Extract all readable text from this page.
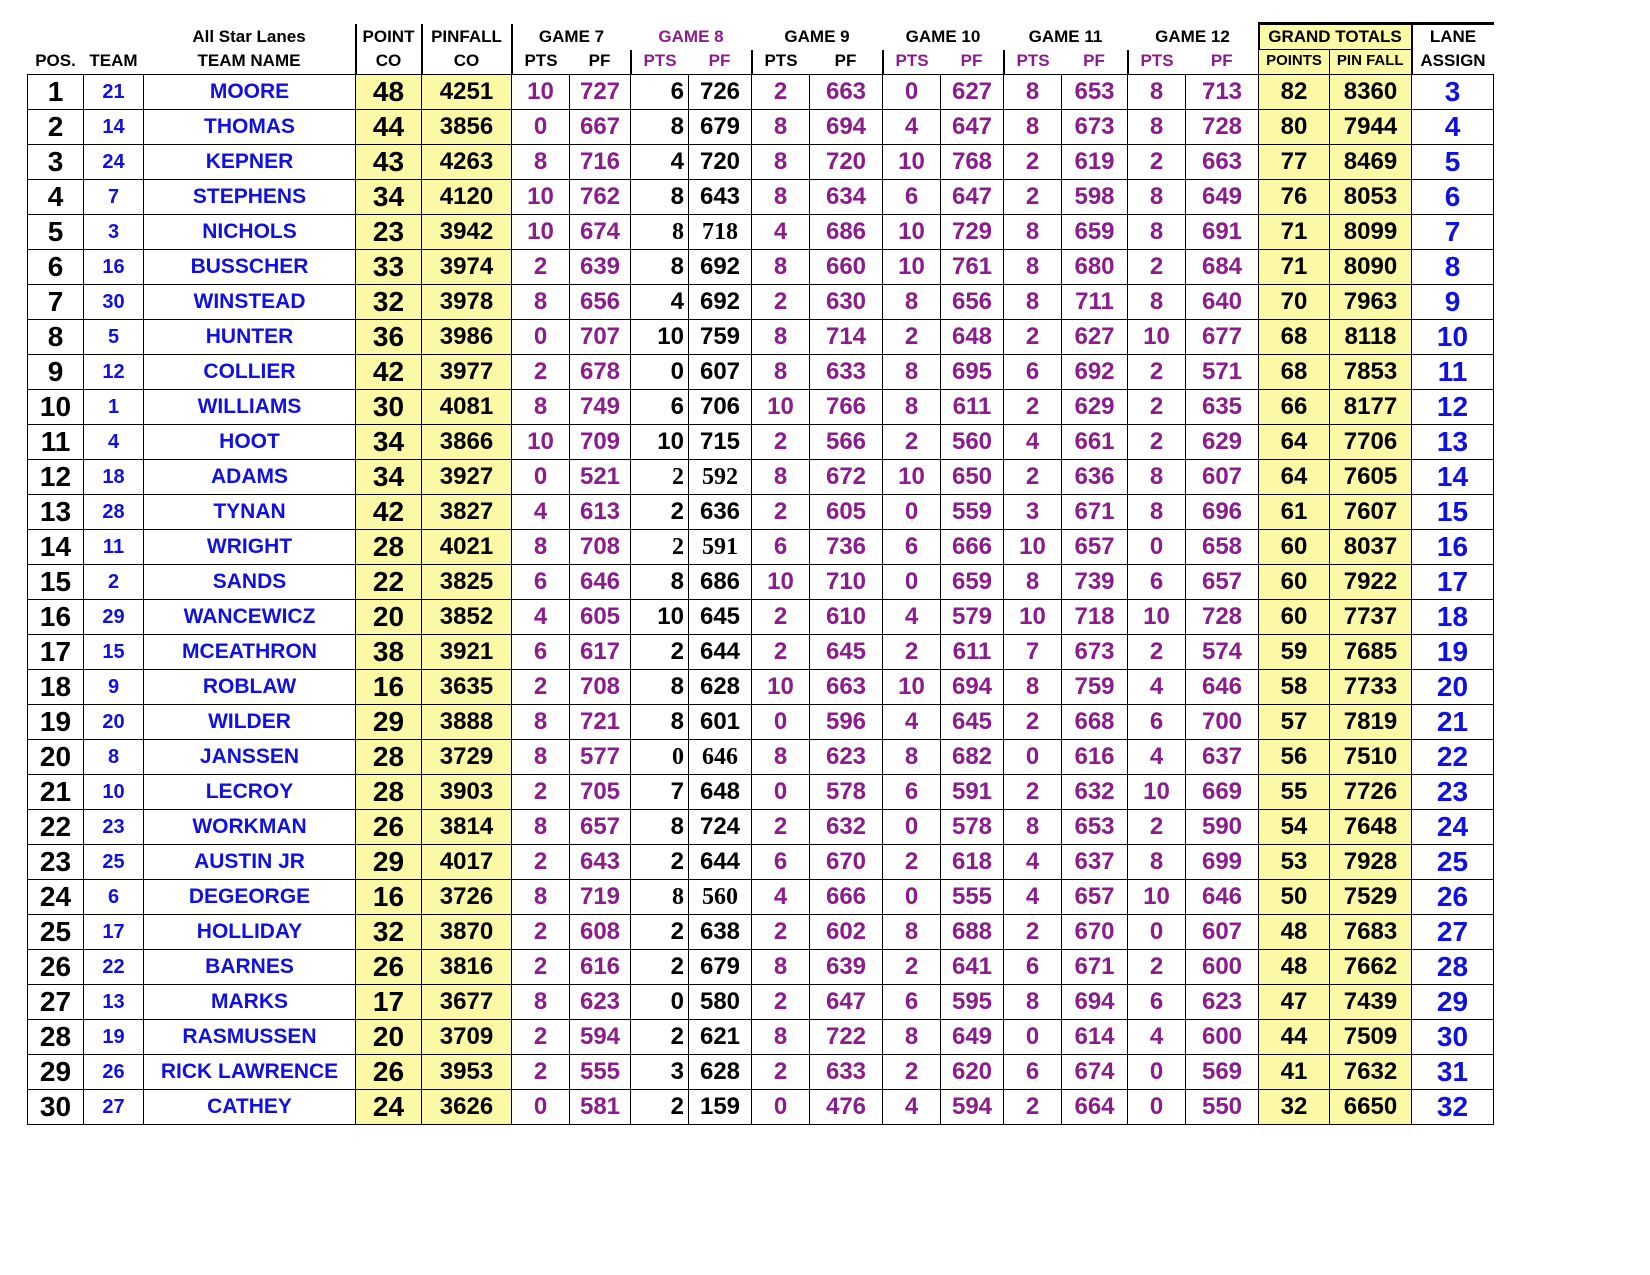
		All Star Lanes	POINT	PINFALL	GAME 7		GAME 8		GAME 9		GAME 10		GAME 11		GAME 12		GRAND TOTALS		LANE
POS.	TEAM	TEAM NAME	CO	CO	PTS	PF	PTS	PF	PTS	PF	PTS	PF	PTS	PF	PTS	PF	POINTS	PIN FALL	ASSIGN
1	21	MOORE	48	4251	10	727	6	726	2	663	0	627	8	653	8	713	82	8360	3
2	14	THOMAS	44	3856	0	667	8	679	8	694	4	647	8	673	8	728	80	7944	4
3	24	KEPNER	43	4263	8	716	4	720	8	720	10	768	2	619	2	663	77	8469	5
4	7	STEPHENS	34	4120	10	762	8	643	8	634	6	647	2	598	8	649	76	8053	6
5	3	NICHOLS	23	3942	10	674	8	718	4	686	10	729	8	659	8	691	71	8099	7
6	16	BUSSCHER	33	3974	2	639	8	692	8	660	10	761	8	680	2	684	71	8090	8
7	30	WINSTEAD	32	3978	8	656	4	692	2	630	8	656	8	711	8	640	70	7963	9
8	5	HUNTER	36	3986	0	707	10	759	8	714	2	648	2	627	10	677	68	8118	10
9	12	COLLIER	42	3977	2	678	0	607	8	633	8	695	6	692	2	571	68	7853	11
10	1	WILLIAMS	30	4081	8	749	6	706	10	766	8	611	2	629	2	635	66	8177	12
11	4	HOOT	34	3866	10	709	10	715	2	566	2	560	4	661	2	629	64	7706	13
12	18	ADAMS	34	3927	0	521	2	592	8	672	10	650	2	636	8	607	64	7605	14
13	28	TYNAN	42	3827	4	613	2	636	2	605	0	559	3	671	8	696	61	7607	15
14	11	WRIGHT	28	4021	8	708	2	591	6	736	6	666	10	657	0	658	60	8037	16
15	2	SANDS	22	3825	6	646	8	686	10	710	0	659	8	739	6	657	60	7922	17
16	29	WANCEWICZ	20	3852	4	605	10	645	2	610	4	579	10	718	10	728	60	7737	18
17	15	MCEATHRON	38	3921	6	617	2	644	2	645	2	611	7	673	2	574	59	7685	19
18	9	ROBLAW	16	3635	2	708	8	628	10	663	10	694	8	759	4	646	58	7733	20
19	20	WILDER	29	3888	8	721	8	601	0	596	4	645	2	668	6	700	57	7819	21
20	8	JANSSEN	28	3729	8	577	0	646	8	623	8	682	0	616	4	637	56	7510	22
21	10	LECROY	28	3903	2	705	7	648	0	578	6	591	2	632	10	669	55	7726	23
22	23	WORKMAN	26	3814	8	657	8	724	2	632	0	578	8	653	2	590	54	7648	24
23	25	AUSTIN JR	29	4017	2	643	2	644	6	670	2	618	4	637	8	699	53	7928	25
24	6	DEGEORGE	16	3726	8	719	8	560	4	666	0	555	4	657	10	646	50	7529	26
25	17	HOLLIDAY	32	3870	2	608	2	638	2	602	8	688	2	670	0	607	48	7683	27
26	22	BARNES	26	3816	2	616	2	679	8	639	2	641	6	671	2	600	48	7662	28
27	13	MARKS	17	3677	8	623	0	580	2	647	6	595	8	694	6	623	47	7439	29
28	19	RASMUSSEN	20	3709	2	594	2	621	8	722	8	649	0	614	4	600	44	7509	30
29	26	RICK LAWRENCE	26	3953	2	555	3	628	2	633	2	620	6	674	0	569	41	7632	31
30	27	CATHEY	24	3626	0	581	2	159	0	476	4	594	2	664	0	550	32	6650	32
